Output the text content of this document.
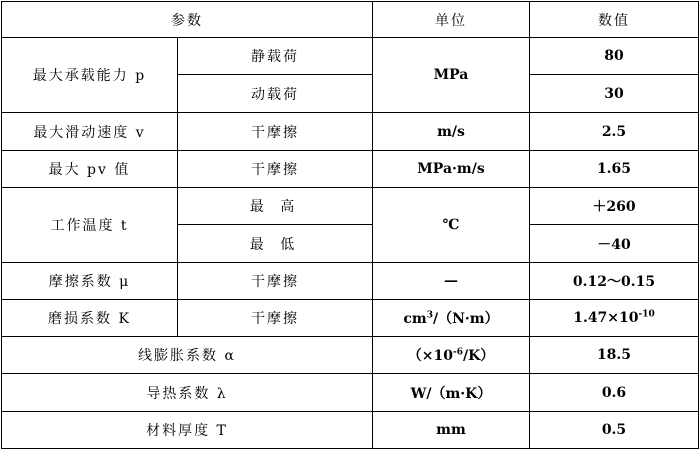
参数		单位	数值
最大承载能力 p	静载荷	MPa	80
	动载荷		30
最大滑动速度 v	干摩擦	m/s	2.5
最大 pv 值	干摩擦	MPa·m/s	1.65
工作温度 t	最 高	℃	＋260
	最 低		－40
摩擦系数 μ	干摩擦	—	0.12～0.15
磨损系数 K	干摩擦	$cm^3/(N\cdot m)$	$1.47\times 10^{-10}$
线膨胀系数 α		$(\times 10^{-6}/K)$	18.5
导热系数 λ		W/（m·K）	0.6
材料厚度 T		mm	0.5
